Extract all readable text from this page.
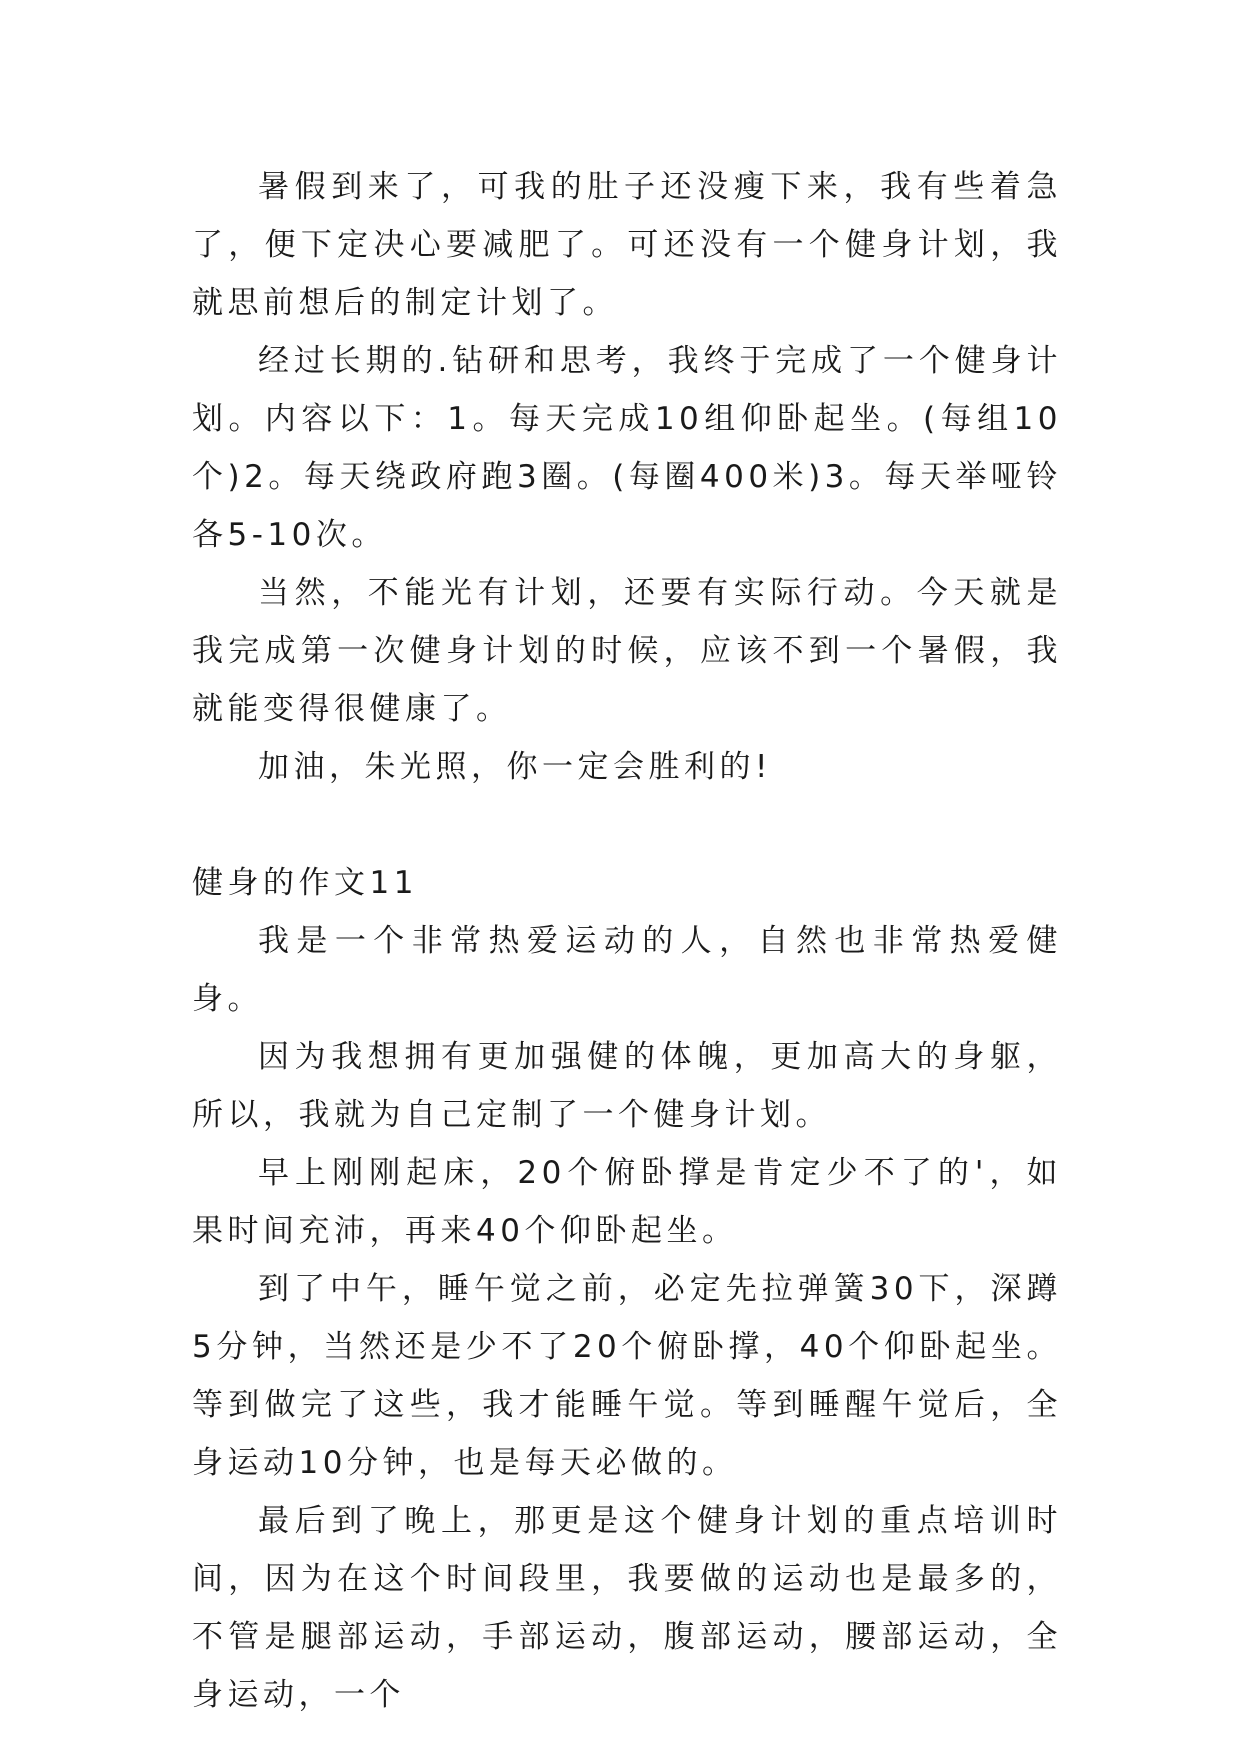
暑假到来了，可我的肚子还没瘦下来，我有些着急了，便下定决心要减肥了。可还没有一个健身计划，我就思前想后的制定计划了。

经过长期的.钻研和思考，我终于完成了一个健身计划。内容以下：1。每天完成10组仰卧起坐。(每组10个)2。每天绕政府跑3圈。(每圈400米)3。每天举哑铃各5-10次。

当然，不能光有计划，还要有实际行动。今天就是我完成第一次健身计划的时候，应该不到一个暑假，我就能变得很健康了。

加油，朱光照，你一定会胜利的!

健身的作文11

我是一个非常热爱运动的人，自然也非常热爱健身。

因为我想拥有更加强健的体魄，更加高大的身躯，所以，我就为自己定制了一个健身计划。

早上刚刚起床，20个俯卧撑是肯定少不了的'，如果时间充沛，再来40个仰卧起坐。

到了中午，睡午觉之前，必定先拉弹簧30下，深蹲5分钟，当然还是少不了20个俯卧撑，40个仰卧起坐。等到做完了这些，我才能睡午觉。等到睡醒午觉后，全身运动10分钟，也是每天必做的。

最后到了晚上，那更是这个健身计划的重点培训时间，因为在这个时间段里，我要做的运动也是最多的，不管是腿部运动，手部运动，腹部运动，腰部运动，全身运动，一个
